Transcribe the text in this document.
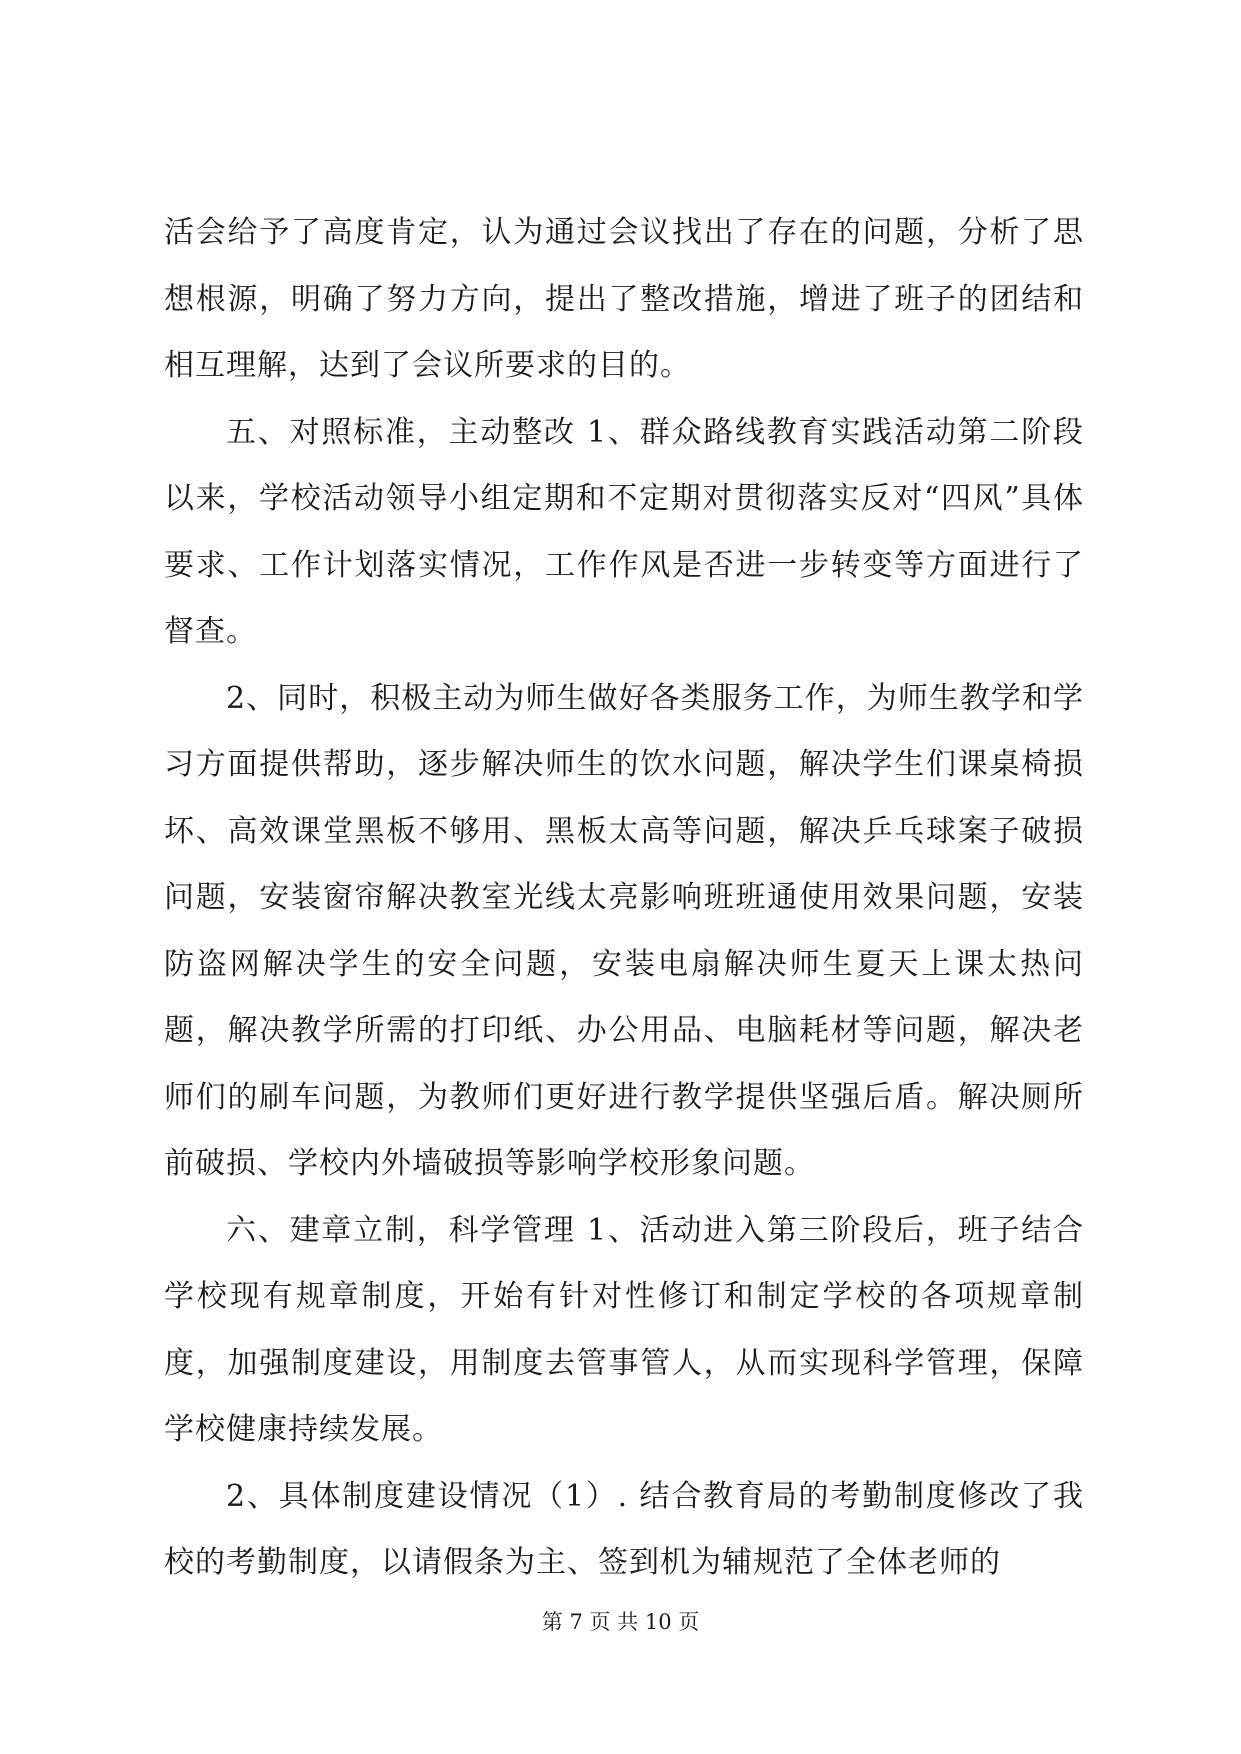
活会给予了高度肯定，认为通过会议找出了存在的问题，分析了思想根源，明确了努力方向，提出了整改措施，增进了班子的团结和相互理解，达到了会议所要求的目的。

五、对照标准，主动整改 1、群众路线教育实践活动第二阶段以来，学校活动领导小组定期和不定期对贯彻落实反对“四风”具体要求、工作计划落实情况，工作作风是否进一步转变等方面进行了督查。

2、同时，积极主动为师生做好各类服务工作，为师生教学和学习方面提供帮助，逐步解决师生的饮水问题，解决学生们课桌椅损坏、高效课堂黑板不够用、黑板太高等问题，解决乒乓球案子破损问题，安装窗帘解决教室光线太亮影响班班通使用效果问题，安装防盗网解决学生的安全问题，安装电扇解决师生夏天上课太热问题，解决教学所需的打印纸、办公用品、电脑耗材等问题，解决老师们的刷车问题，为教师们更好进行教学提供坚强后盾。解决厕所前破损、学校内外墙破损等影响学校形象问题。

六、建章立制，科学管理 1、活动进入第三阶段后，班子结合学校现有规章制度，开始有针对性修订和制定学校的各项规章制度，加强制度建设，用制度去管事管人，从而实现科学管理，保障学校健康持续发展。

2、具体制度建设情况（1）. 结合教育局的考勤制度修改了我校的考勤制度，以请假条为主、签到机为辅规范了全体老师的

第 7 页 共 10 页
